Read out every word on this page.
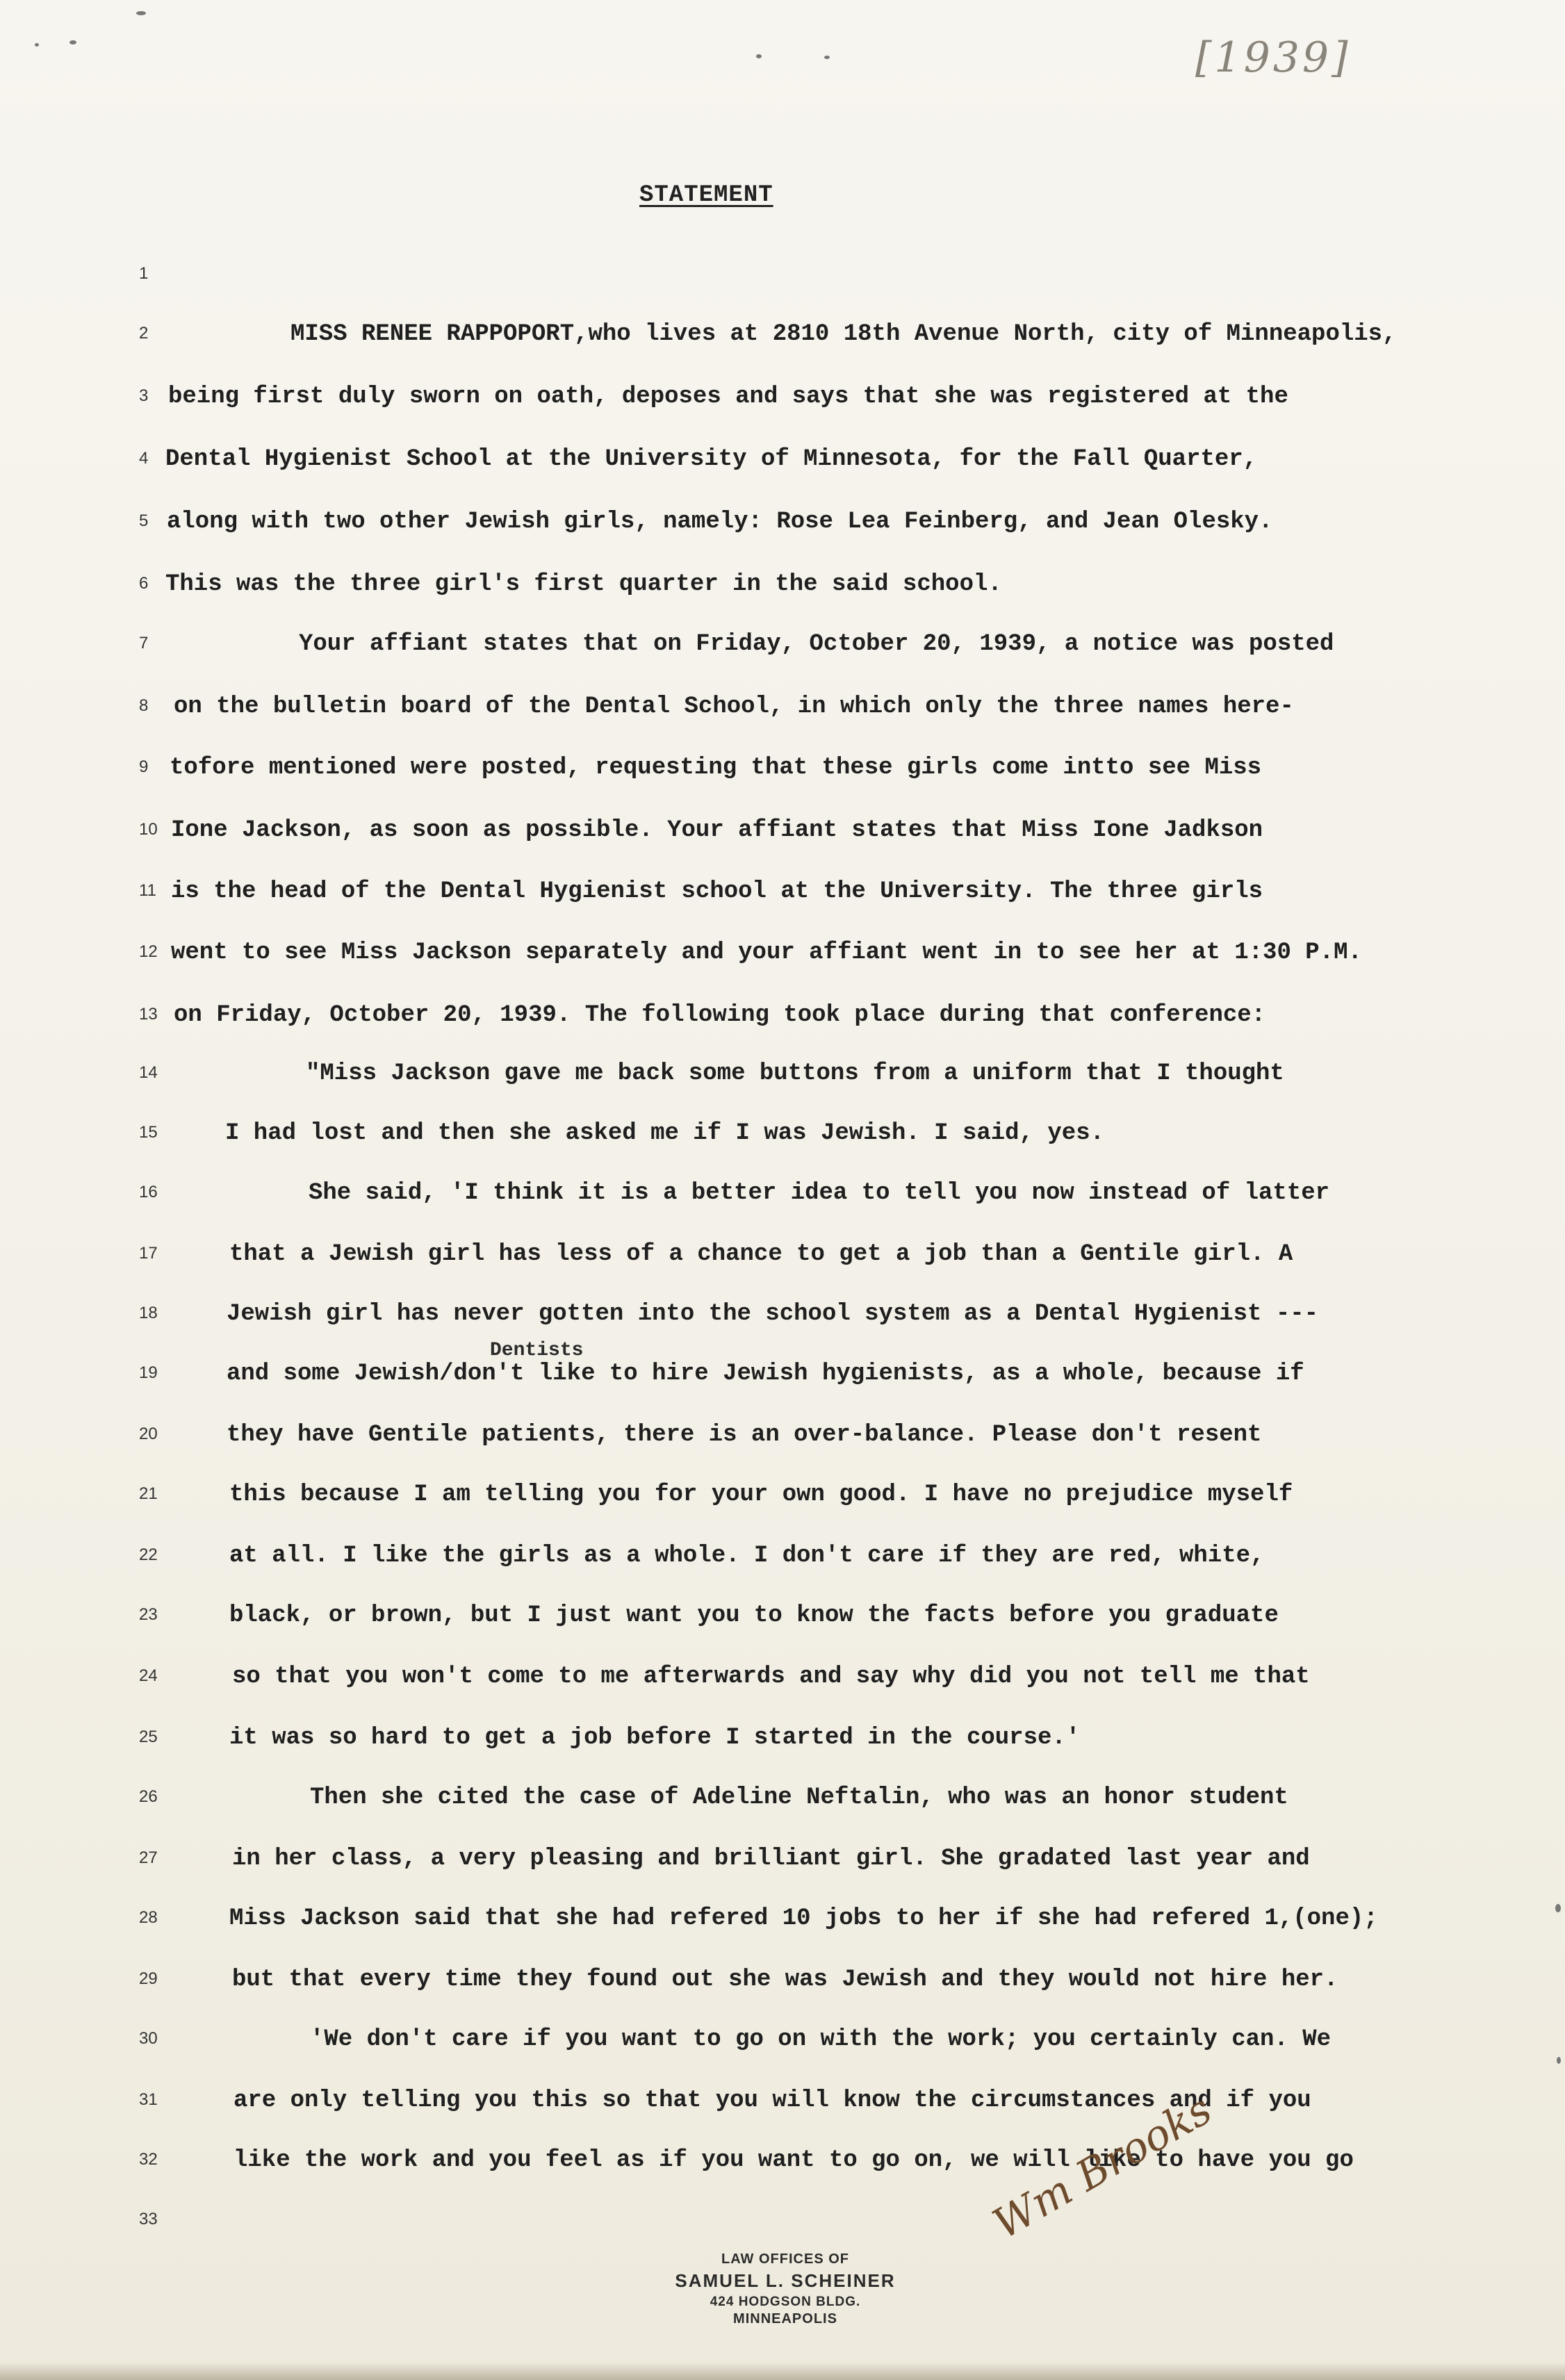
[1939]
STATEMENT
1
2
3
4
5
6
7
8
9
10
11
12
13
14
15
16
17
18
19
20
21
22
23
24
25
26
27
28
29
30
31
32
33
MISS RENEE RAPPOPORT,who lives at 2810 18th Avenue North, city of Minneapolis,
being first duly sworn on oath, deposes and says that she was registered at the
Dental Hygienist School at the University of Minnesota, for the Fall Quarter,
along with two other Jewish girls, namely: Rose Lea Feinberg, and Jean Olesky.
This was the three girl's first quarter in the said school.
Your affiant states that on Friday, October 20, 1939, a notice was posted
on the bulletin board of the Dental School, in which only the three names here-
tofore mentioned were posted, requesting that these girls come intto see Miss
Ione Jackson, as soon as possible. Your affiant states that Miss Ione Jadkson
is the head of the Dental Hygienist school at the University. The three girls
went to see Miss Jackson separately and your affiant went in to see her at 1:30 P.M.
on Friday, October 20, 1939. The following took place during that conference:
"Miss Jackson gave me back some buttons from a uniform that I thought
I had lost and then she asked me if I was Jewish. I said, yes.
She said, 'I think it is a better idea to tell you now instead of latter
that a Jewish girl has less of a chance to get a job than a Gentile girl. A
Jewish girl has never gotten into the school system as a Dental Hygienist ---
Dentists
and some Jewish/don't like to hire Jewish hygienists, as a whole, because if
they have Gentile patients, there is an over-balance. Please don't resent
this because I am telling you for your own good. I have no prejudice myself
at all. I like the girls as a whole. I don't care if they are red, white,
black, or brown, but I just want you to know the facts before you graduate
so that you won't come to me afterwards and say why did you not tell me that
it was so hard to get a job before I started in the course.'
Then she cited the case of Adeline Neftalin, who was an honor student
in her class, a very pleasing and brilliant girl. She gradated last year and
Miss Jackson said that she had refered 10 jobs to her if she had refered 1,(one);
but that every time they found out she was Jewish and they would not hire her.
'We don't care if you want to go on with the work; you certainly can. We
are only telling you this so that you will know the circumstances and if you
like the work and you feel as if you want to go on, we will like to have you go
Wm Brooks
LAW OFFICES OF
SAMUEL L. SCHEINER
424 HODGSON BLDG.
MINNEAPOLIS
